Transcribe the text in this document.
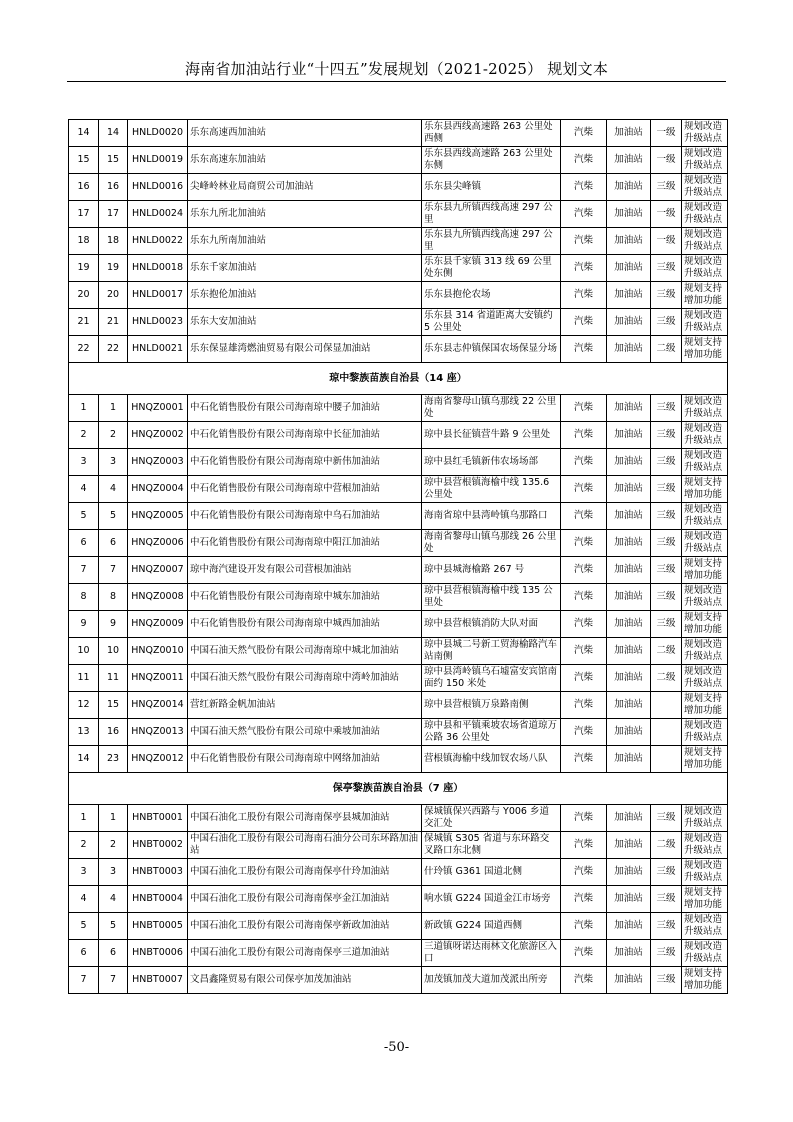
海南省加油站行业“十四五”发展规划（2021-2025） 规划文本
14	14	HNLD0020	乐东高速西加油站	乐东县西线高速路 263 公里处西侧	汽柴	加油站	一级	规划改造升级站点
15	15	HNLD0019	乐东高速东加油站	乐东县西线高速路 263 公里处东侧	汽柴	加油站	一级	规划改造升级站点
16	16	HNLD0016	尖峰岭林业局商贸公司加油站	乐东县尖峰镇	汽柴	加油站	三级	规划改造升级站点
17	17	HNLD0024	乐东九所北加油站	乐东县九所镇西线高速 297 公里	汽柴	加油站	一级	规划改造升级站点
18	18	HNLD0022	乐东九所南加油站	乐东县九所镇西线高速 297 公里	汽柴	加油站	一级	规划改造升级站点
19	19	HNLD0018	乐东千家加油站	乐东县千家镇 313 线 69 公里处东侧	汽柴	加油站	三级	规划改造升级站点
20	20	HNLD0017	乐东抱伦加油站	乐东县抱伦农场	汽柴	加油站	三级	规划支持增加功能
21	21	HNLD0023	乐东大安加油站	乐东县 314 省道距离大安镇约 5 公里处	汽柴	加油站	三级	规划改造升级站点
22	22	HNLD0021	乐东保显雄湾燃油贸易有限公司保显加油站	乐东县志仲镇保国农场保显分场	汽柴	加油站	二级	规划支持增加功能
琼中黎族苗族自治县（14 座）								
1	1	HNQZ0001	中石化销售股份有限公司海南琼中腰子加油站	海南省黎母山镇乌那线 22 公里处	汽柴	加油站	三级	规划改造升级站点
2	2	HNQZ0002	中石化销售股份有限公司海南琼中长征加油站	琼中县长征镇营牛路 9 公里处	汽柴	加油站	三级	规划改造升级站点
3	3	HNQZ0003	中石化销售股份有限公司海南琼中新伟加油站	琼中县红毛镇新伟农场场部	汽柴	加油站	三级	规划改造升级站点
4	4	HNQZ0004	中石化销售股份有限公司海南琼中营根加油站	琼中县营根镇海榆中线 135.6 公里处	汽柴	加油站	三级	规划支持增加功能
5	5	HNQZ0005	中石化销售股份有限公司海南琼中乌石加油站	海南省琼中县湾岭镇乌那路口	汽柴	加油站	三级	规划改造升级站点
6	6	HNQZ0006	中石化销售股份有限公司海南琼中阳江加油站	海南省黎母山镇乌那线 26 公里处	汽柴	加油站	三级	规划改造升级站点
7	7	HNQZ0007	琼中海汽建设开发有限公司营根加油站	琼中县城海榆路 267 号	汽柴	加油站	三级	规划支持增加功能
8	8	HNQZ0008	中石化销售股份有限公司海南琼中城东加油站	琼中县营根镇海榆中线 135 公里处	汽柴	加油站	三级	规划改造升级站点
9	9	HNQZ0009	中石化销售股份有限公司海南琼中城西加油站	琼中县营根镇消防大队对面	汽柴	加油站	三级	规划支持增加功能
10	10	HNQZ0010	中国石油天然气股份有限公司海南琼中城北加油站	琼中县城二号新工贸海榆路汽车站南侧	汽柴	加油站	二级	规划改造升级站点
11	11	HNQZ0011	中国石油天然气股份有限公司海南琼中湾岭加油站	琼中县湾岭镇乌石墟富安宾馆南面约 150 米处	汽柴	加油站	二级	规划改造升级站点
12	15	HNQZ0014	营红新路金帆加油站	琼中县营根镇万泉路南侧	汽柴	加油站		规划支持增加功能
13	16	HNQZ0013	中国石油天然气股份有限公司琼中乘坡加油站	琼中县和平镇乘坡农场省道琼万公路 36 公里处	汽柴	加油站		规划改造升级站点
14	23	HNQZ0012	中石化销售股份有限公司海南琼中网络加油站	营根镇海榆中线加钗农场八队	汽柴	加油站		规划支持增加功能
保亭黎族苗族自治县（7 座）								
1	1	HNBT0001	中国石油化工股份有限公司海南保亭县城加油站	保城镇保兴西路与 Y006 乡道交汇处	汽柴	加油站	三级	规划改造升级站点
2	2	HNBT0002	中国石油化工股份有限公司海南石油分公司东环路加油站	保城镇 S305 省道与东环路交叉路口东北侧	汽柴	加油站	二级	规划改造升级站点
3	3	HNBT0003	中国石油化工股份有限公司海南保亭什玲加油站	什玲镇 G361 国道北侧	汽柴	加油站	三级	规划改造升级站点
4	4	HNBT0004	中国石油化工股份有限公司海南保亭金江加油站	响水镇 G224 国道金江市场旁	汽柴	加油站	三级	规划支持增加功能
5	5	HNBT0005	中国石油化工股份有限公司海南保亭新政加油站	新政镇 G224 国道西侧	汽柴	加油站	三级	规划改造升级站点
6	6	HNBT0006	中国石油化工股份有限公司海南保亭三道加油站	三道镇呀诺达雨林文化旅游区入口	汽柴	加油站	三级	规划改造升级站点
7	7	HNBT0007	文昌鑫隆贸易有限公司保亭加茂加油站	加茂镇加茂大道加茂派出所旁	汽柴	加油站	三级	规划支持增加功能
-50-
